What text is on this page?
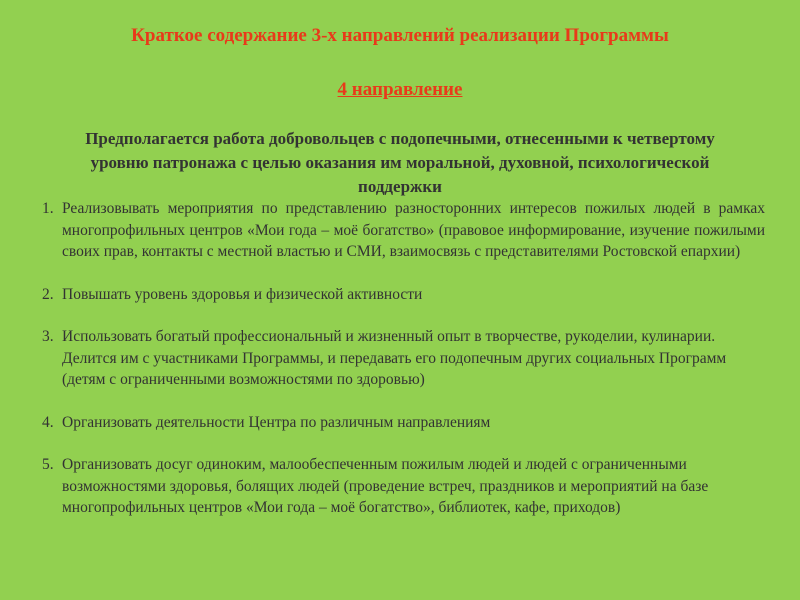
Краткое содержание 3-х направлений реализации Программы
4 направление
Предполагается работа добровольцев с подопечными, отнесенными к четвертому уровню патронажа с целью оказания им моральной, духовной, психологической поддержки
1. Реализовывать мероприятия по представлению разносторонних интересов пожилых людей в рамках многопрофильных центров «Мои года – моё богатство» (правовое информирование, изучение пожилыми своих прав, контакты с местной властью и СМИ, взаимосвязь с представителями Ростовской епархии)
2. Повышать уровень здоровья и физической активности
3. Использовать богатый профессиональный и жизненный опыт в творчестве, рукоделии, кулинарии. Делится им с участниками Программы, и передавать его подопечным других социальных Программ (детям с ограниченными возможностями по здоровью)
4. Организовать деятельности Центра по различным направлениям
5. Организовать досуг одиноким, малообеспеченным пожилым людей и людей с ограниченными возможностями здоровья, болящих людей (проведение встреч, праздников и мероприятий на базе многопрофильных центров «Мои года – моё богатство», библиотек, кафе, приходов)
